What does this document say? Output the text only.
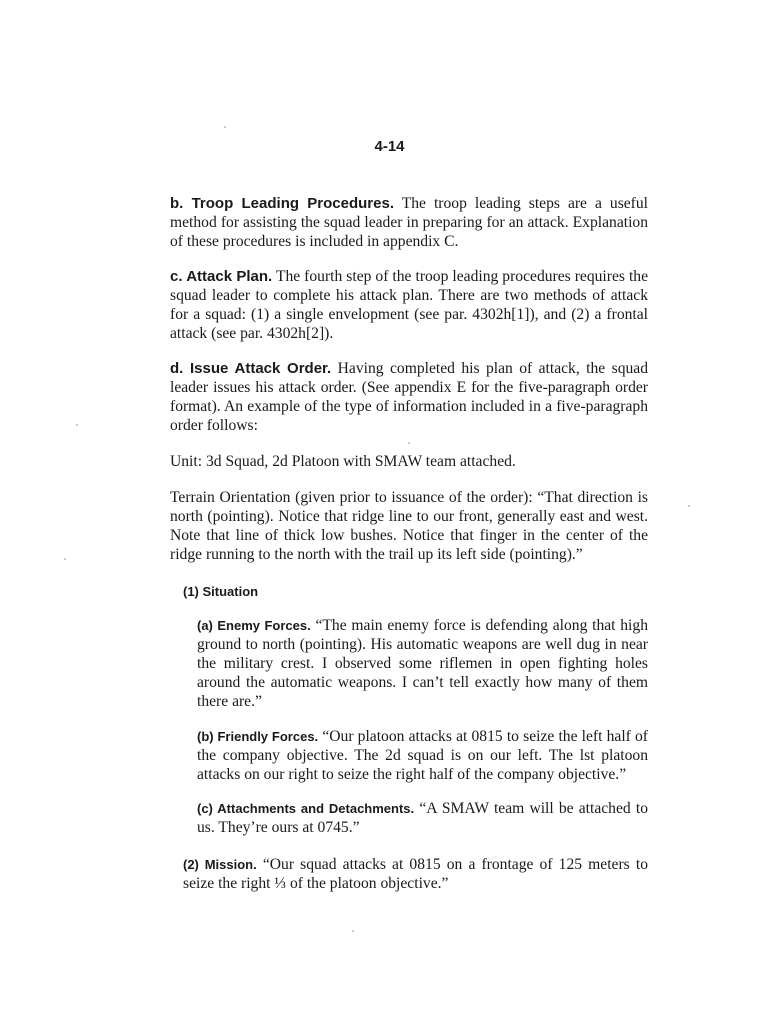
4-14

b. Troop Leading Procedures. The troop leading steps are a useful method for assisting the squad leader in preparing for an attack. Explanation of these procedures is included in appendix C.

c. Attack Plan. The fourth step of the troop leading procedures requires the squad leader to complete his attack plan. There are two methods of attack for a squad: (1) a single envelopment (see par. 4302h[1]), and (2) a frontal attack (see par. 4302h[2]).

d. Issue Attack Order. Having completed his plan of attack, the squad leader issues his attack order. (See appendix E for the five-paragraph order format). An example of the type of information included in a five-paragraph order follows:

Unit: 3d Squad, 2d Platoon with SMAW team attached.

Terrain Orientation (given prior to issuance of the order): “That direction is north (pointing). Notice that ridge line to our front, generally east and west. Note that line of thick low bushes. Notice that finger in the center of the ridge running to the north with the trail up its left side (pointing).”

(1) Situation

(a) Enemy Forces. “The main enemy force is defending along that high ground to north (pointing). His automatic weapons are well dug in near the military crest. I observed some riflemen in open fighting holes around the automatic weapons. I can’t tell exactly how many of them there are.”

(b) Friendly Forces. “Our platoon attacks at 0815 to seize the left half of the company objective. The 2d squad is on our left. The lst platoon attacks on our right to seize the right half of the company objective.”

(c) Attachments and Detachments. “A SMAW team will be attached to us. They’re ours at 0745.”

(2) Mission. “Our squad attacks at 0815 on a frontage of 125 meters to seize the right ⅓ of the platoon objective.”
